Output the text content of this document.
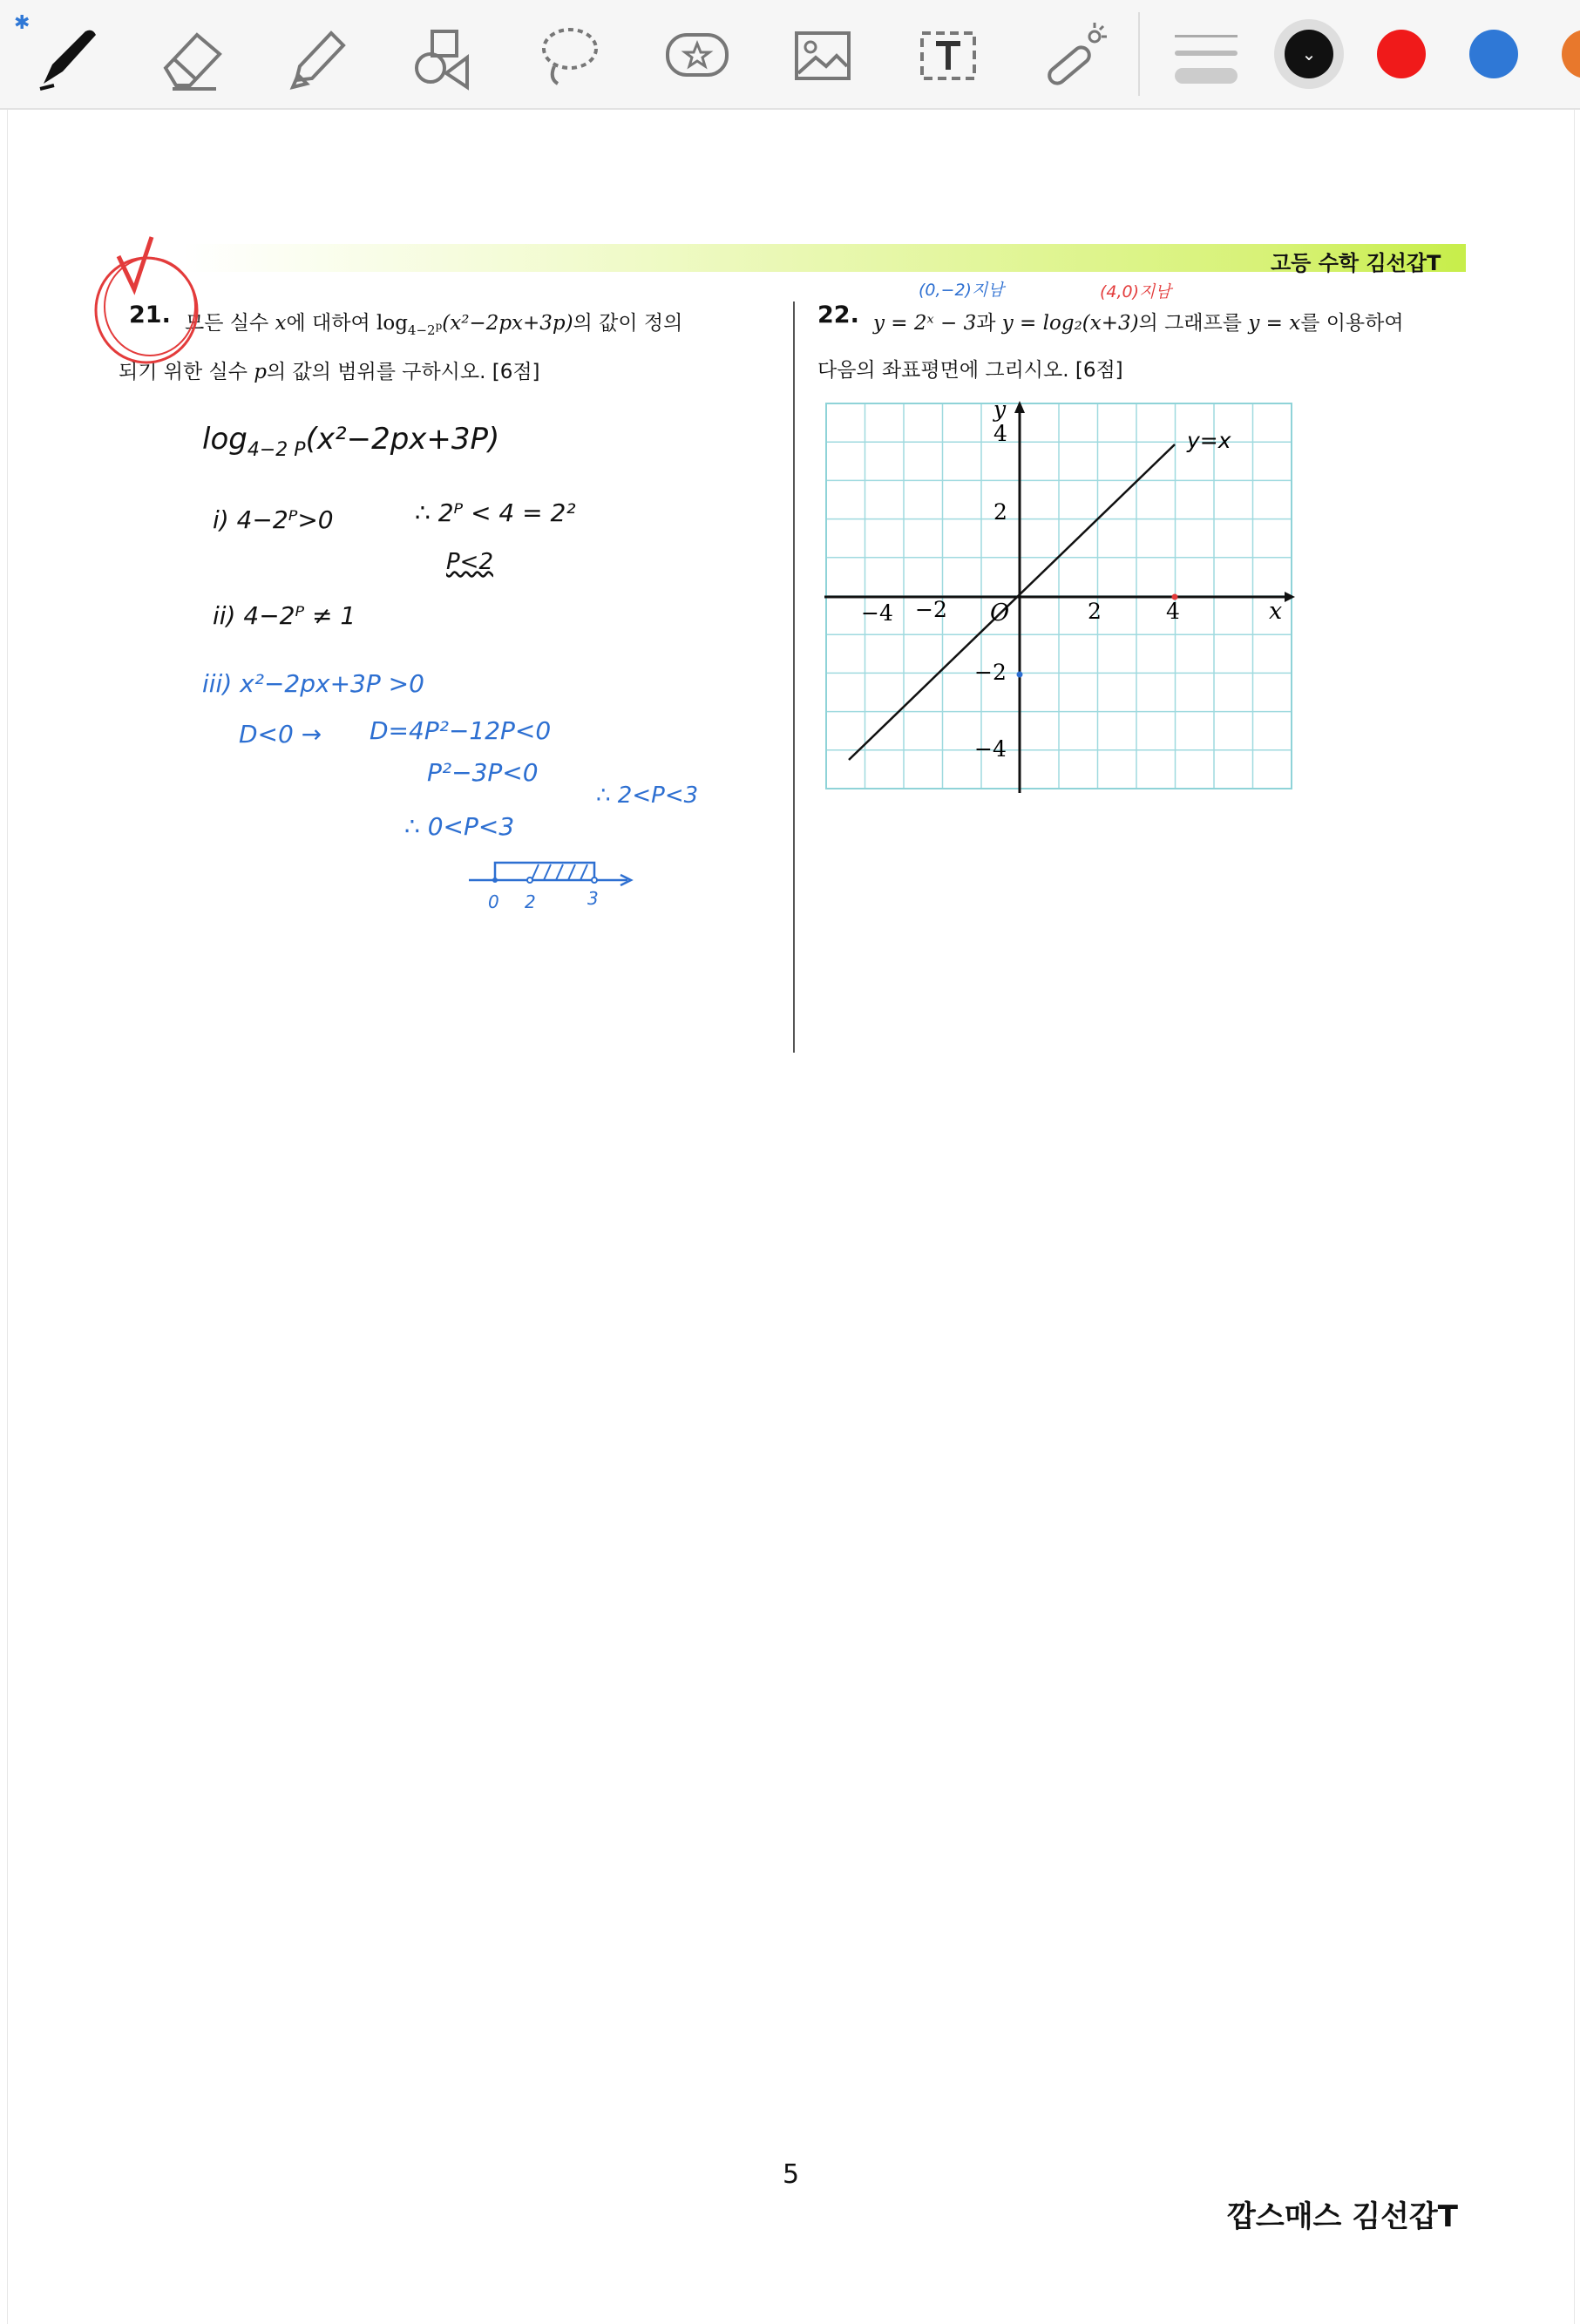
✱
⌄
고등 수학 김선갑T
21. 모든 실수 x에 대하여 $\log_{4-2^p}(x^2-2px+3p)$의 값이 정의
되기 위한 실수 p의 값의 범위를 구하시오. [6점]
22. y = 2ˣ − 3과 y = log₂(x+3)의 그래프를 y = x를 이용하여
다음의 좌표평면에 그리시오. [6점]
(0,−2)지남	(4,0)지남
−4 −2	2	4
4
2
−2
−4
O	x
y
y=x
$\log_{4-2 P}(x^2-2px+3P)$
i) 4−2ᴾ>0	∴ 2ᴾ < 4 = 2²
P<2
ii) 4−2ᴾ ≠ 1
iii) x²−2px+3P >0
D<0 → D=4P²−12P<0
P²−3P<0
∴ 0<P<3
∴ 2<P<3
0 2	3
5
깝스매스 김선갑T
